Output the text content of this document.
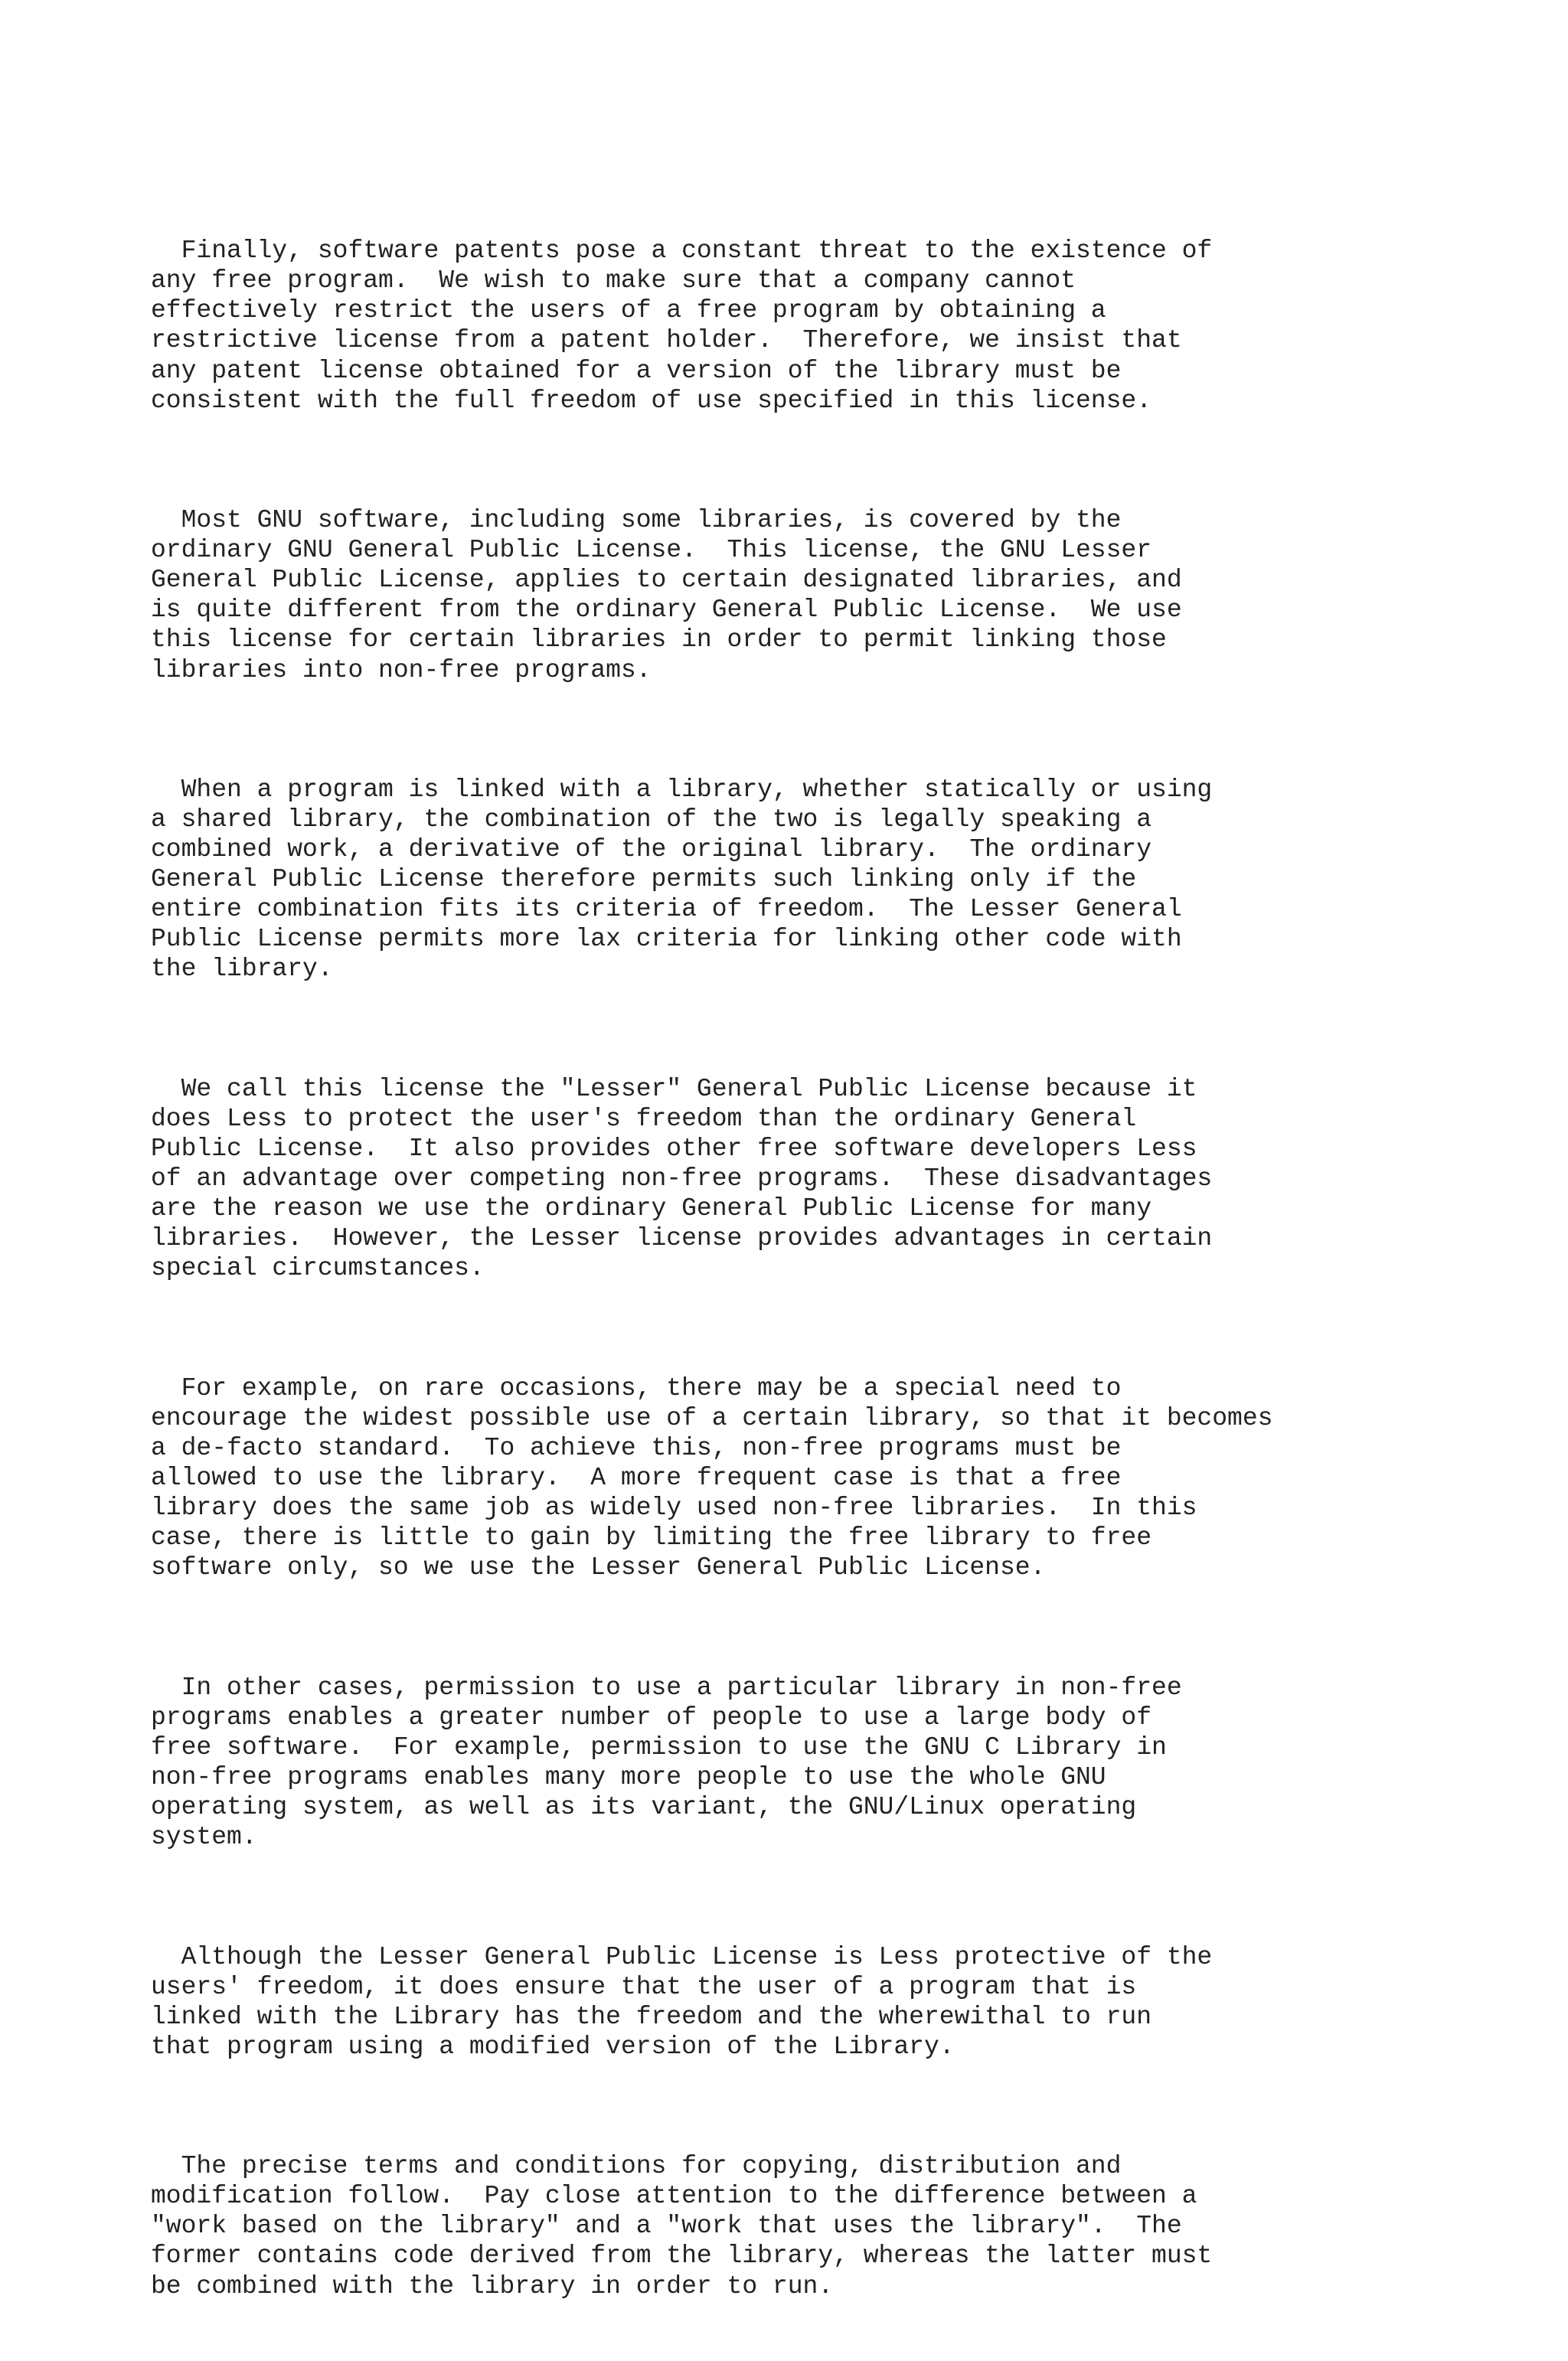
Finally, software patents pose a constant threat to the existence of
any free program.  We wish to make sure that a company cannot
effectively restrict the users of a free program by obtaining a
restrictive license from a patent holder.  Therefore, we insist that
any patent license obtained for a version of the library must be
consistent with the full freedom of use specified in this license.

Most GNU software, including some libraries, is covered by the
ordinary GNU General Public License.  This license, the GNU Lesser
General Public License, applies to certain designated libraries, and
is quite different from the ordinary General Public License.  We use
this license for certain libraries in order to permit linking those
libraries into non-free programs.

When a program is linked with a library, whether statically or using
a shared library, the combination of the two is legally speaking a
combined work, a derivative of the original library.  The ordinary
General Public License therefore permits such linking only if the
entire combination fits its criteria of freedom.  The Lesser General
Public License permits more lax criteria for linking other code with
the library.

We call this license the "Lesser" General Public License because it
does Less to protect the user's freedom than the ordinary General
Public License.  It also provides other free software developers Less
of an advantage over competing non-free programs.  These disadvantages
are the reason we use the ordinary General Public License for many
libraries.  However, the Lesser license provides advantages in certain
special circumstances.

For example, on rare occasions, there may be a special need to
encourage the widest possible use of a certain library, so that it becomes
a de-facto standard.  To achieve this, non-free programs must be
allowed to use the library.  A more frequent case is that a free
library does the same job as widely used non-free libraries.  In this
case, there is little to gain by limiting the free library to free
software only, so we use the Lesser General Public License.

In other cases, permission to use a particular library in non-free
programs enables a greater number of people to use a large body of
free software.  For example, permission to use the GNU C Library in
non-free programs enables many more people to use the whole GNU
operating system, as well as its variant, the GNU/Linux operating
system.

Although the Lesser General Public License is Less protective of the
users' freedom, it does ensure that the user of a program that is
linked with the Library has the freedom and the wherewithal to run
that program using a modified version of the Library.

The precise terms and conditions for copying, distribution and
modification follow.  Pay close attention to the difference between a
"work based on the library" and a "work that uses the library".  The
former contains code derived from the library, whereas the latter must
be combined with the library in order to run.
